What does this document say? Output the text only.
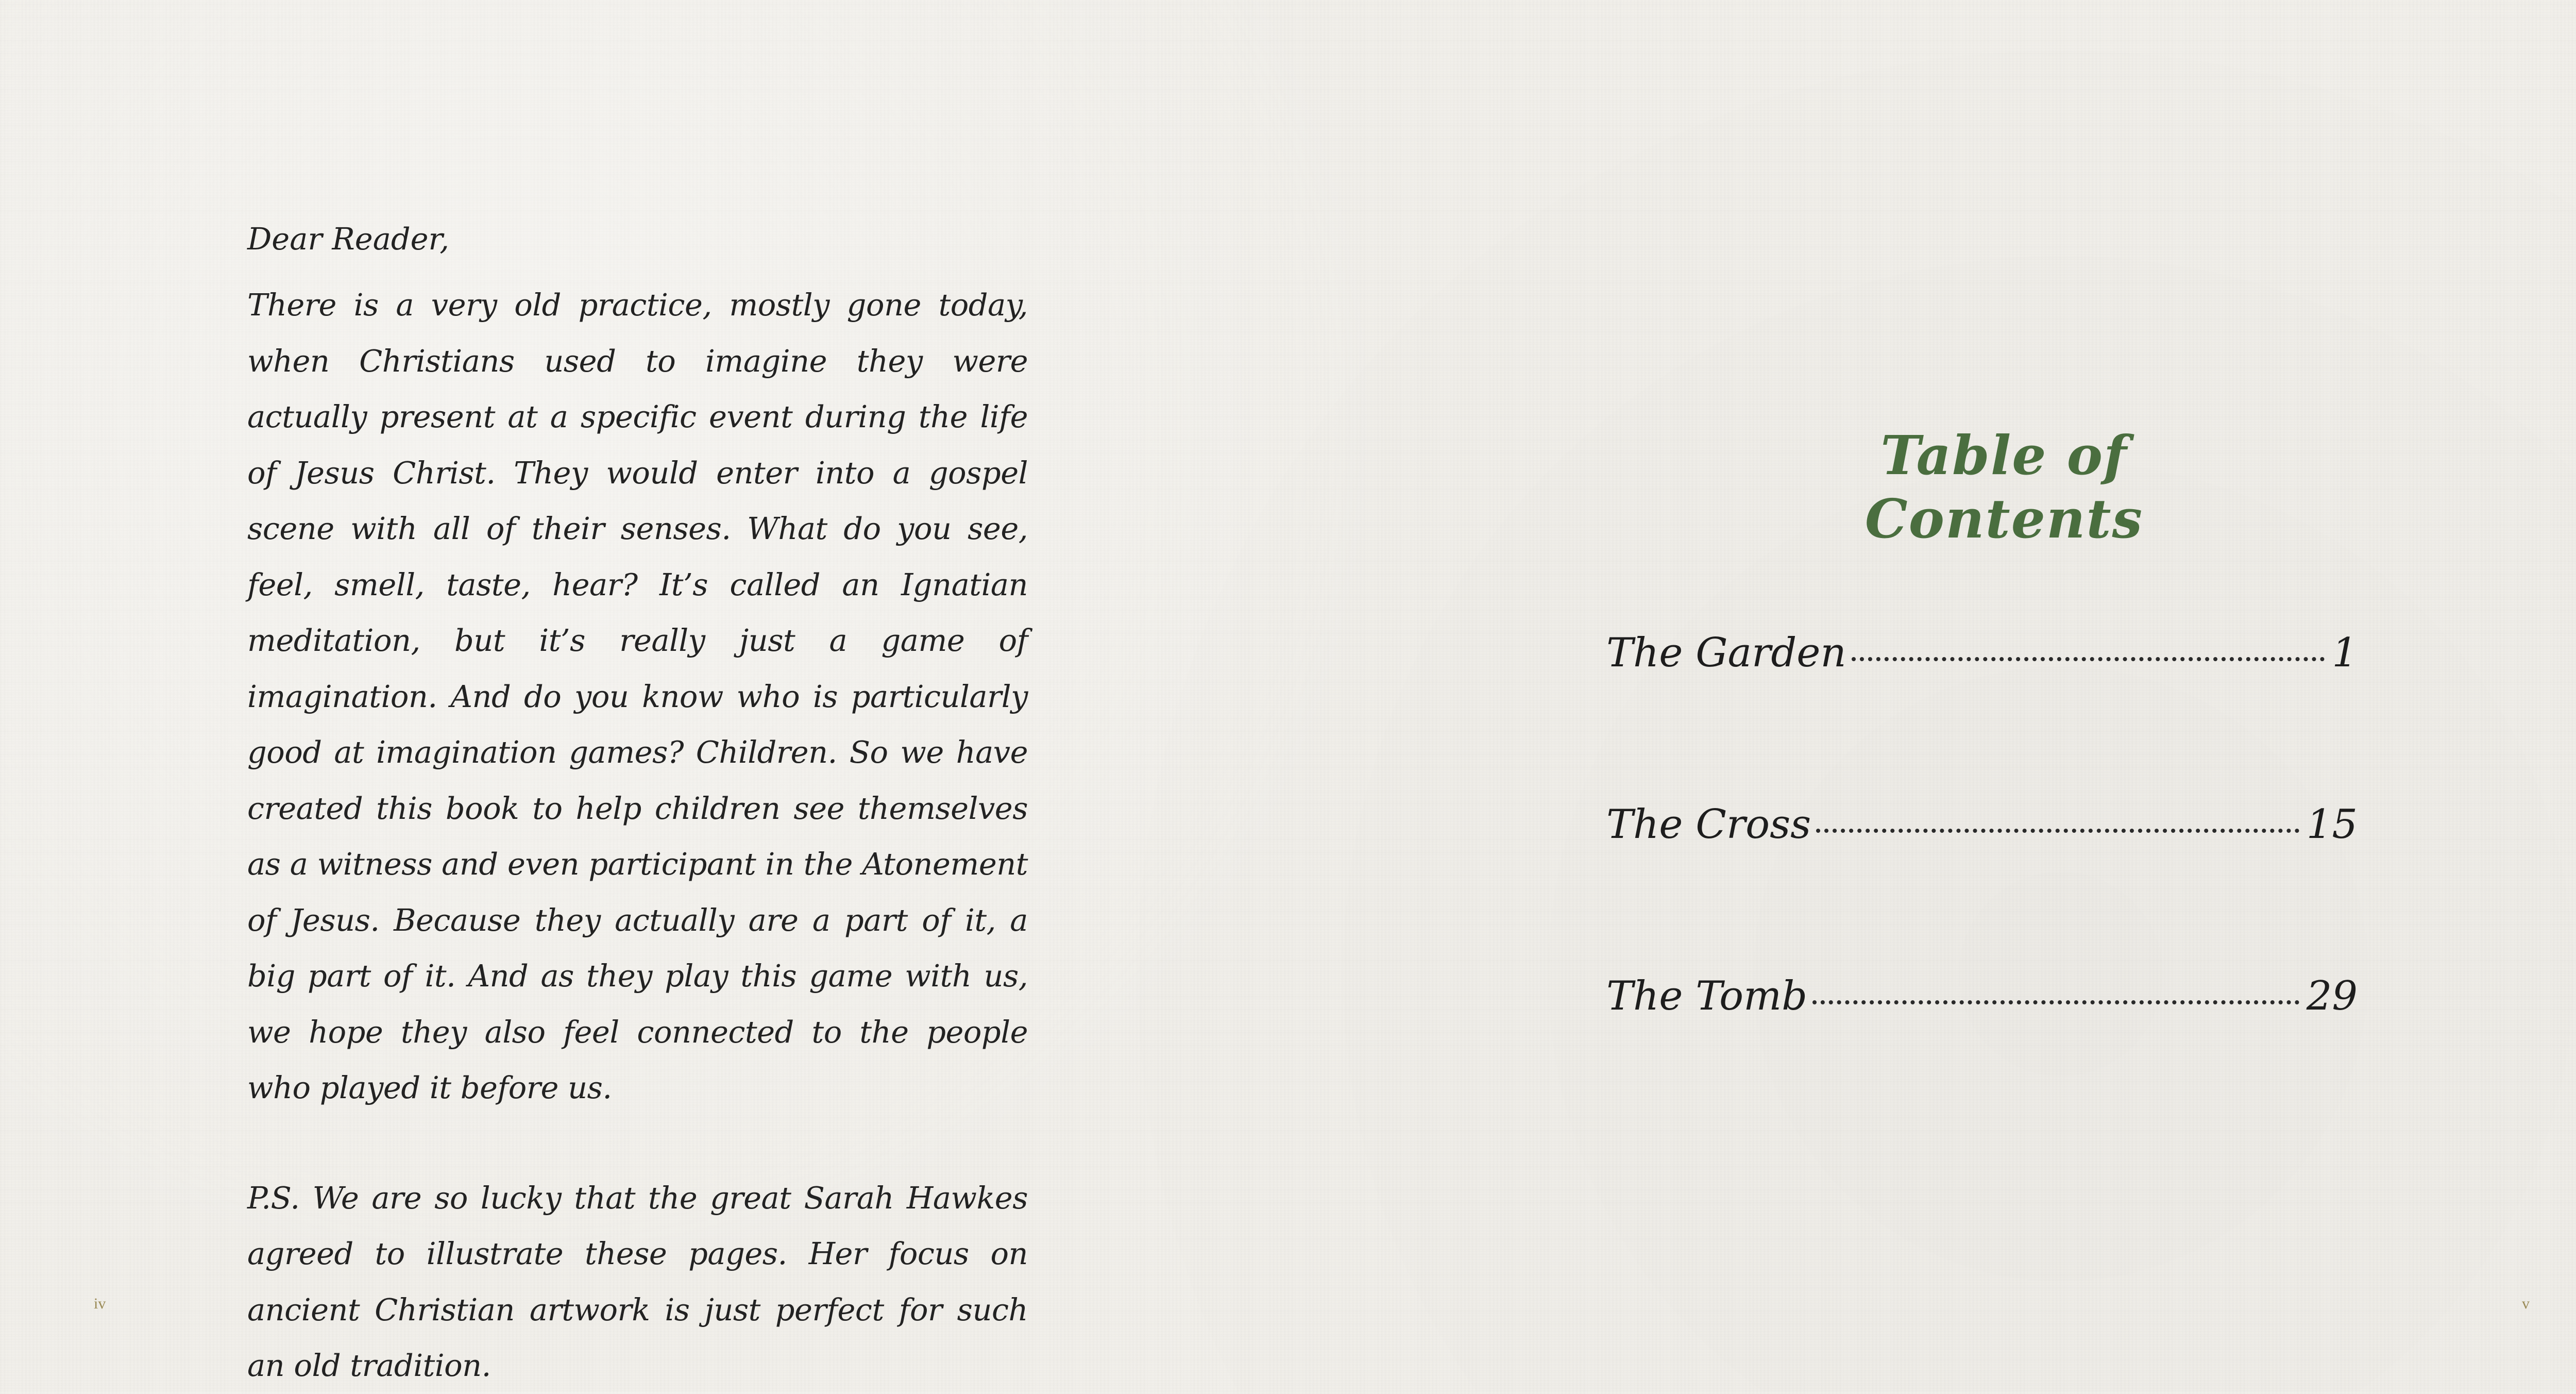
Dear Reader,

There is a very old practice, mostly gone today, when Christians used to imagine they were actually present at a specific event during the life of Jesus Christ. They would enter into a gospel scene with all of their senses. What do you see, feel, smell, taste, hear? It’s called an Ignatian meditation, but it’s really just a game of imagination. And do you know who is particularly good at imagination games? Children. So we have created this book to help children see themselves as a witness and even participant in the Atonement of Jesus. Because they actually are a part of it, a big part of it. And as they play this game with us, we hope they also feel connected to the people who played it before us.

P.S. We are so lucky that the great Sarah Hawkes agreed to illustrate these pages. Her focus on ancient Christian artwork is just perfect for such an old tradition.

iv
Table of Contents
The Garden	1
The Cross	15
The Tomb	29
v
